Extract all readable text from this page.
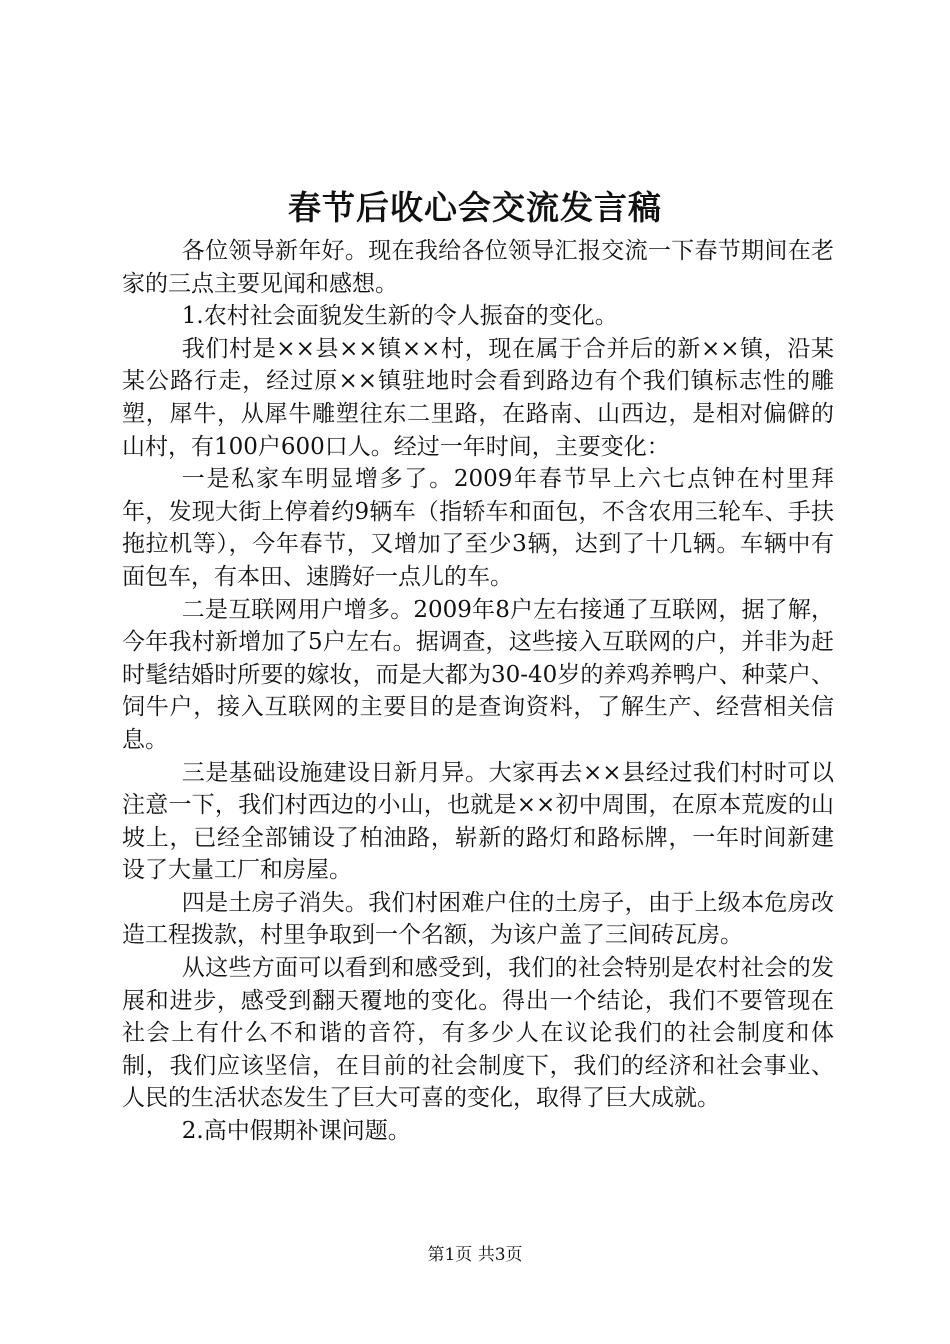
春节后收心会交流发言稿

各位领导新年好。现在我给各位领导汇报交流一下春节期间在老家的三点主要见闻和感想。

1.农村社会面貌发生新的令人振奋的变化。

我们村是××县××镇××村，现在属于合并后的新××镇，沿某某公路行走，经过原××镇驻地时会看到路边有个我们镇标志性的雕塑，犀牛，从犀牛雕塑往东二里路，在路南、山西边，是相对偏僻的山村，有100户600口人。经过一年时间，主要变化：

一是私家车明显增多了。2009年春节早上六七点钟在村里拜年，发现大街上停着约9辆车（指轿车和面包，不含农用三轮车、手扶拖拉机等），今年春节，又增加了至少3辆，达到了十几辆。车辆中有面包车，有本田、速腾好一点儿的车。

二是互联网用户增多。2009年8户左右接通了互联网，据了解，今年我村新增加了5户左右。据调查，这些接入互联网的户，并非为赶时髦结婚时所要的嫁妆，而是大都为30-40岁的养鸡养鸭户、种菜户、饲牛户，接入互联网的主要目的是查询资料，了解生产、经营相关信息。

三是基础设施建设日新月异。大家再去××县经过我们村时可以注意一下，我们村西边的小山，也就是××初中周围，在原本荒废的山坡上，已经全部铺设了柏油路，崭新的路灯和路标牌，一年时间新建设了大量工厂和房屋。

四是土房子消失。我们村困难户住的土房子，由于上级本危房改造工程拨款，村里争取到一个名额，为该户盖了三间砖瓦房。

从这些方面可以看到和感受到，我们的社会特别是农村社会的发展和进步，感受到翻天覆地的变化。得出一个结论，我们不要管现在社会上有什么不和谐的音符，有多少人在议论我们的社会制度和体制，我们应该坚信，在目前的社会制度下，我们的经济和社会事业、人民的生活状态发生了巨大可喜的变化，取得了巨大成就。

2.高中假期补课问题。

第1页 共3页
